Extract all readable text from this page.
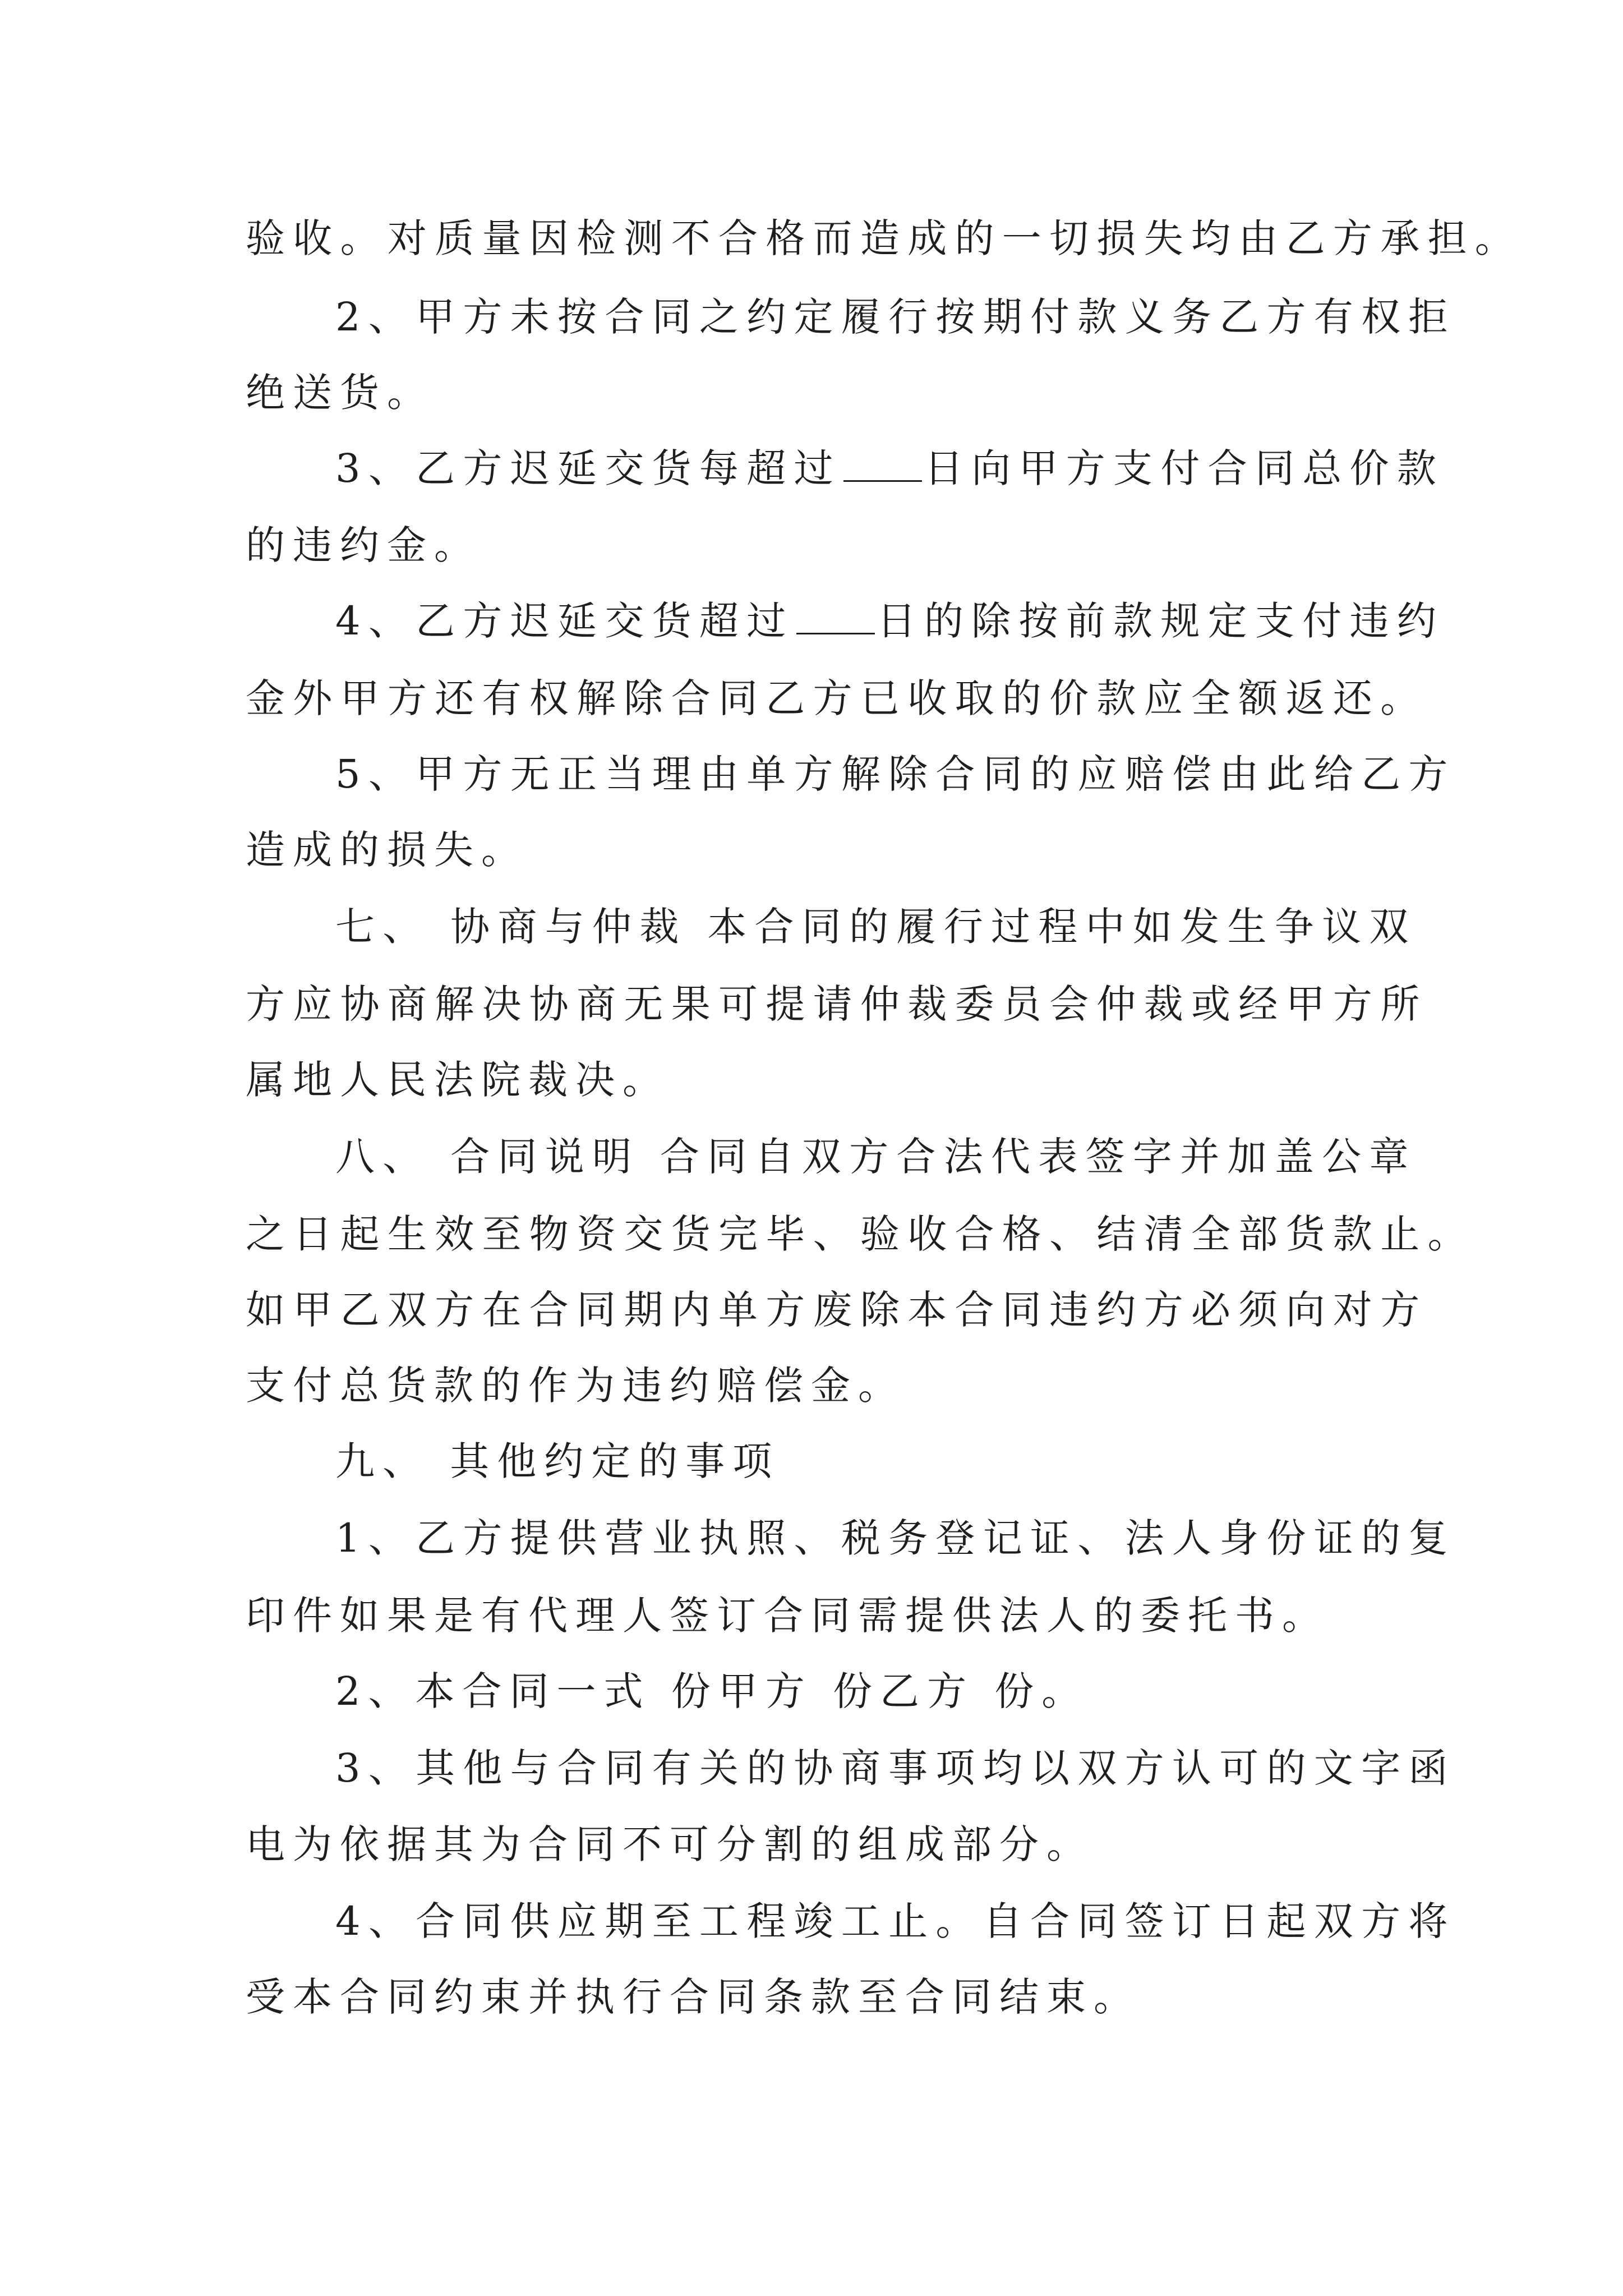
验收。对质量因检测不合格而造成的一切损失均由乙方承担。

2、甲方未按合同之约定履行按期付款义务乙方有权拒

绝送货。

3、乙方迟延交货每超过 日向甲方支付合同总价款

的违约金。

4、乙方迟延交货超过 日的除按前款规定支付违约

金外甲方还有权解除合同乙方已收取的价款应全额返还。

5、甲方无正当理由单方解除合同的应赔偿由此给乙方

造成的损失。

七、 协商与仲裁 本合同的履行过程中如发生争议双

方应协商解决协商无果可提请仲裁委员会仲裁或经甲方所

属地人民法院裁决。

八、 合同说明 合同自双方合法代表签字并加盖公章

之日起生效至物资交货完毕、验收合格、结清全部货款止。

如甲乙双方在合同期内单方废除本合同违约方必须向对方

支付总货款的作为违约赔偿金。

九、 其他约定的事项

1、乙方提供营业执照、税务登记证、法人身份证的复

印件如果是有代理人签订合同需提供法人的委托书。

2、本合同一式 份甲方 份乙方 份。

3、其他与合同有关的协商事项均以双方认可的文字函

电为依据其为合同不可分割的组成部分。

4、合同供应期至工程竣工止。自合同签订日起双方将

受本合同约束并执行合同条款至合同结束。
